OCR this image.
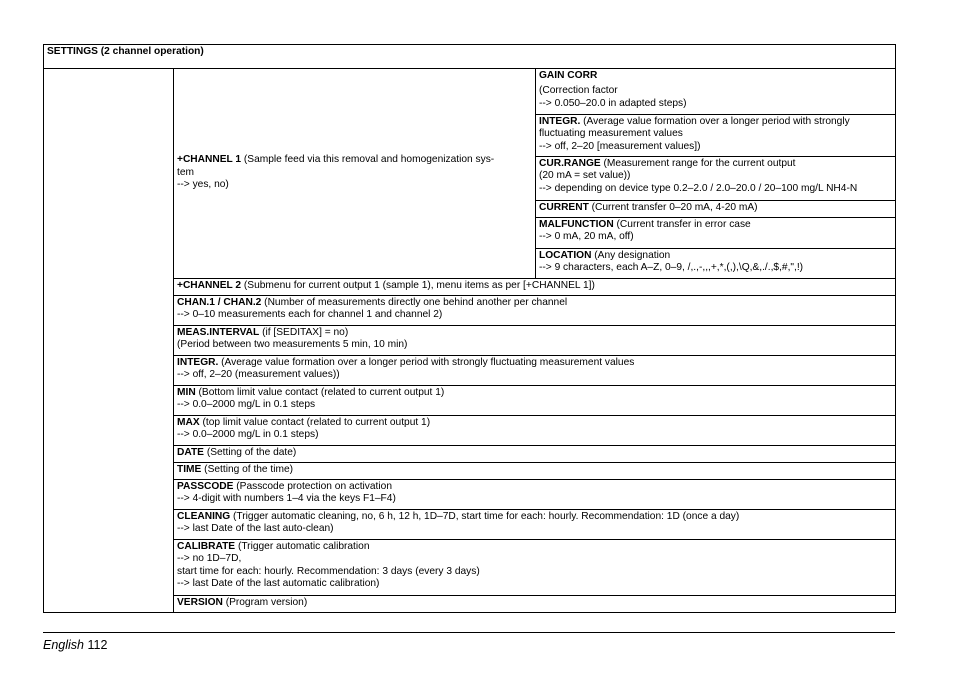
SETTINGS (2 channel operation)
	+CHANNEL 1 (Sample feed via this removal and homogenization sys-
tem
--> yes, no)

GAIN CORR
(Correction factor
--> 0.050–20.0 in adapted steps)

INTEGR. (Average value formation over a longer period with strongly
fluctuating measurement values
--> off, 2–20 [measurement values])

CUR.RANGE (Measurement range for the current output
(20 mA = set value))
--> depending on device type 0.2–2.0 / 2.0–20.0 / 20–100 mg/L NH4-N

CURRENT (Current transfer 0–20 mA, 4-20 mA)
MALFUNCTION (Current transfer in error case
--> 0 mA, 20 mA, off)

LOCATION (Any designation
--> 9 characters, each A–Z, 0–9, /,.,-,,,+,*,(,),\Q,&,./.,$,#,",!)

+CHANNEL 2 (Submenu for current output 1 (sample 1), menu items as per [+CHANNEL 1])
CHAN.1 / CHAN.2 (Number of measurements directly one behind another per channel
--> 0–10 measurements each for channel 1 and channel 2)

MEAS.INTERVAL (if [SEDITAX] = no)
(Period between two measurements 5 min, 10 min)

INTEGR. (Average value formation over a longer period with strongly fluctuating measurement values
--> off, 2–20 (measurement values))

MIN (Bottom limit value contact (related to current output 1)
--> 0.0–2000 mg/L in 0.1 steps

MAX (top limit value contact (related to current output 1)
--> 0.0–2000 mg/L in 0.1 steps)

DATE (Setting of the date)
TIME (Setting of the time)
PASSCODE (Passcode protection on activation
--> 4-digit with numbers 1–4 via the keys F1–F4)

CLEANING (Trigger automatic cleaning, no, 6 h, 12 h, 1D–7D, start time for each: hourly. Recommendation: 1D (once a day)
--> last Date of the last auto-clean)

CALIBRATE (Trigger automatic calibration
--> no 1D–7D,
start time for each: hourly. Recommendation: 3 days (every 3 days)
--> last Date of the last automatic calibration)

VERSION (Program version)
English 112
